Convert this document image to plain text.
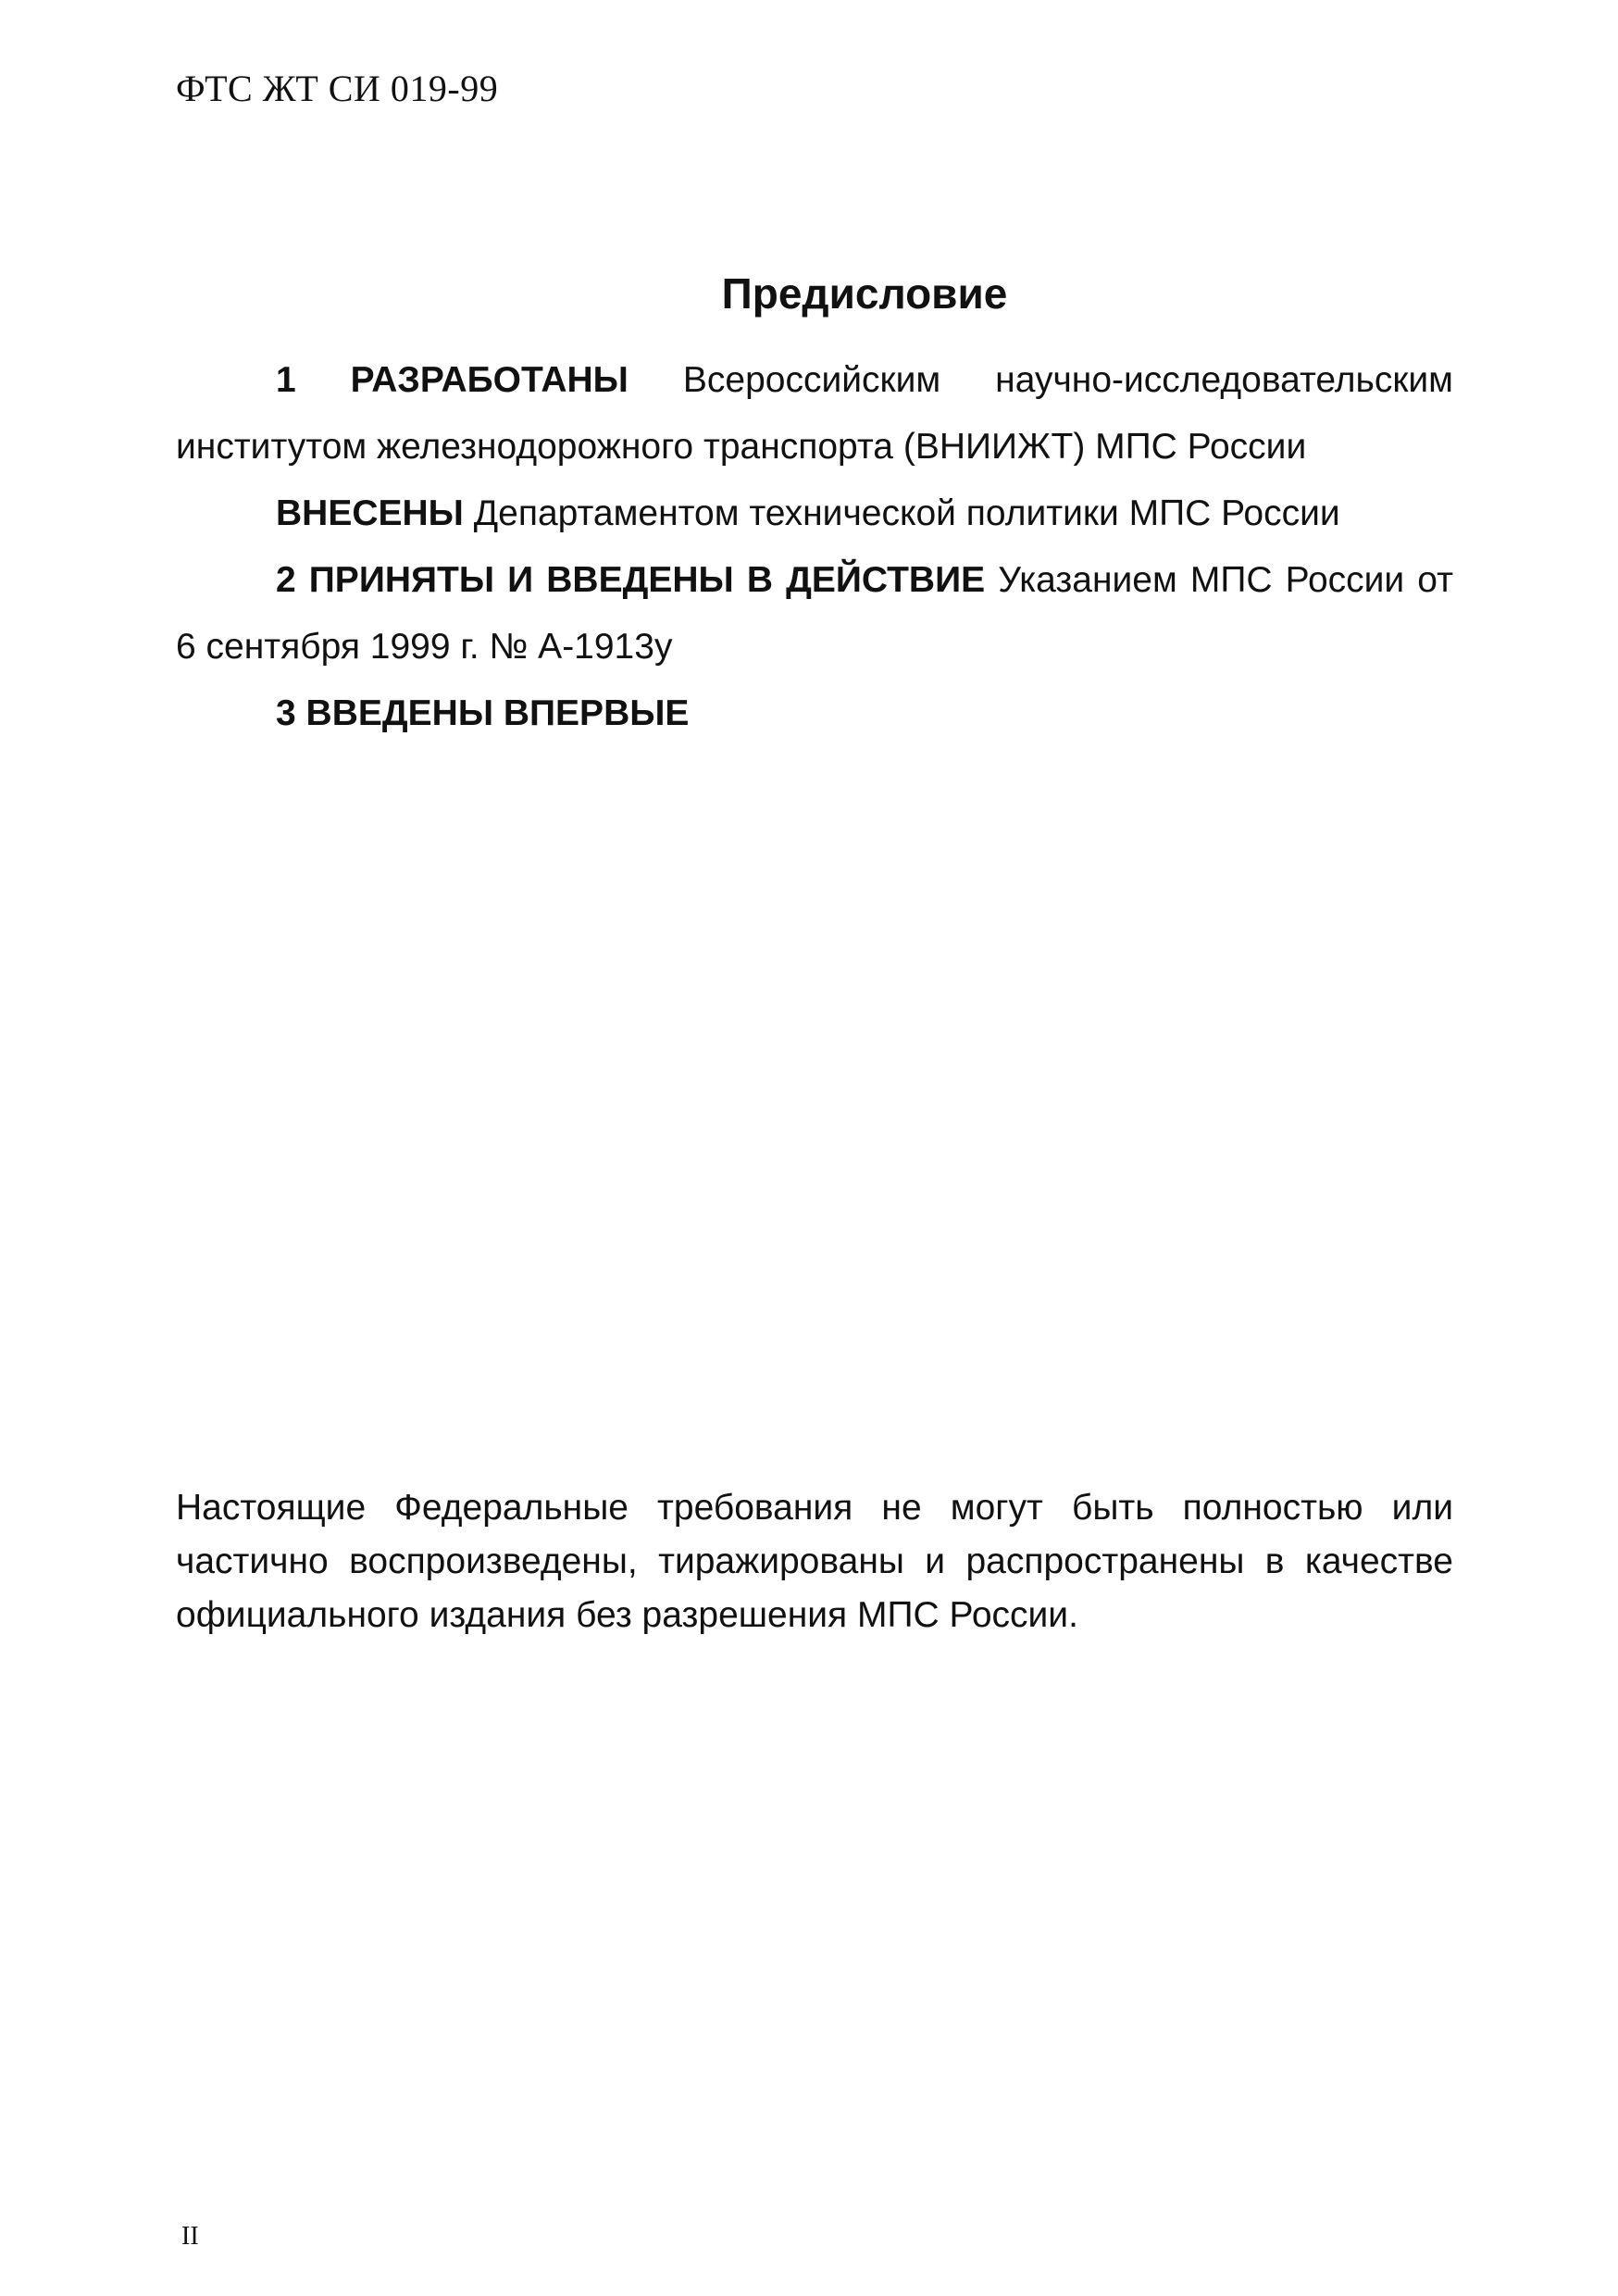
ФТС ЖТ СИ 019-99
Предисловие

1 РАЗРАБОТАНЫ Всероссийским научно-исследовательским институтом железнодорожного транспорта (ВНИИЖТ) МПС России

ВНЕСЕНЫ Департаментом технической политики МПС России

2 ПРИНЯТЫ И ВВЕДЕНЫ В ДЕЙСТВИЕ Указанием МПС России от 6 сентября 1999 г. № А-1913у

3 ВВЕДЕНЫ ВПЕРВЫЕ

Настоящие Федеральные требования не могут быть полностью или частично воспроизведены, тиражированы и распространены в качестве официального издания без разрешения МПС России.

II
